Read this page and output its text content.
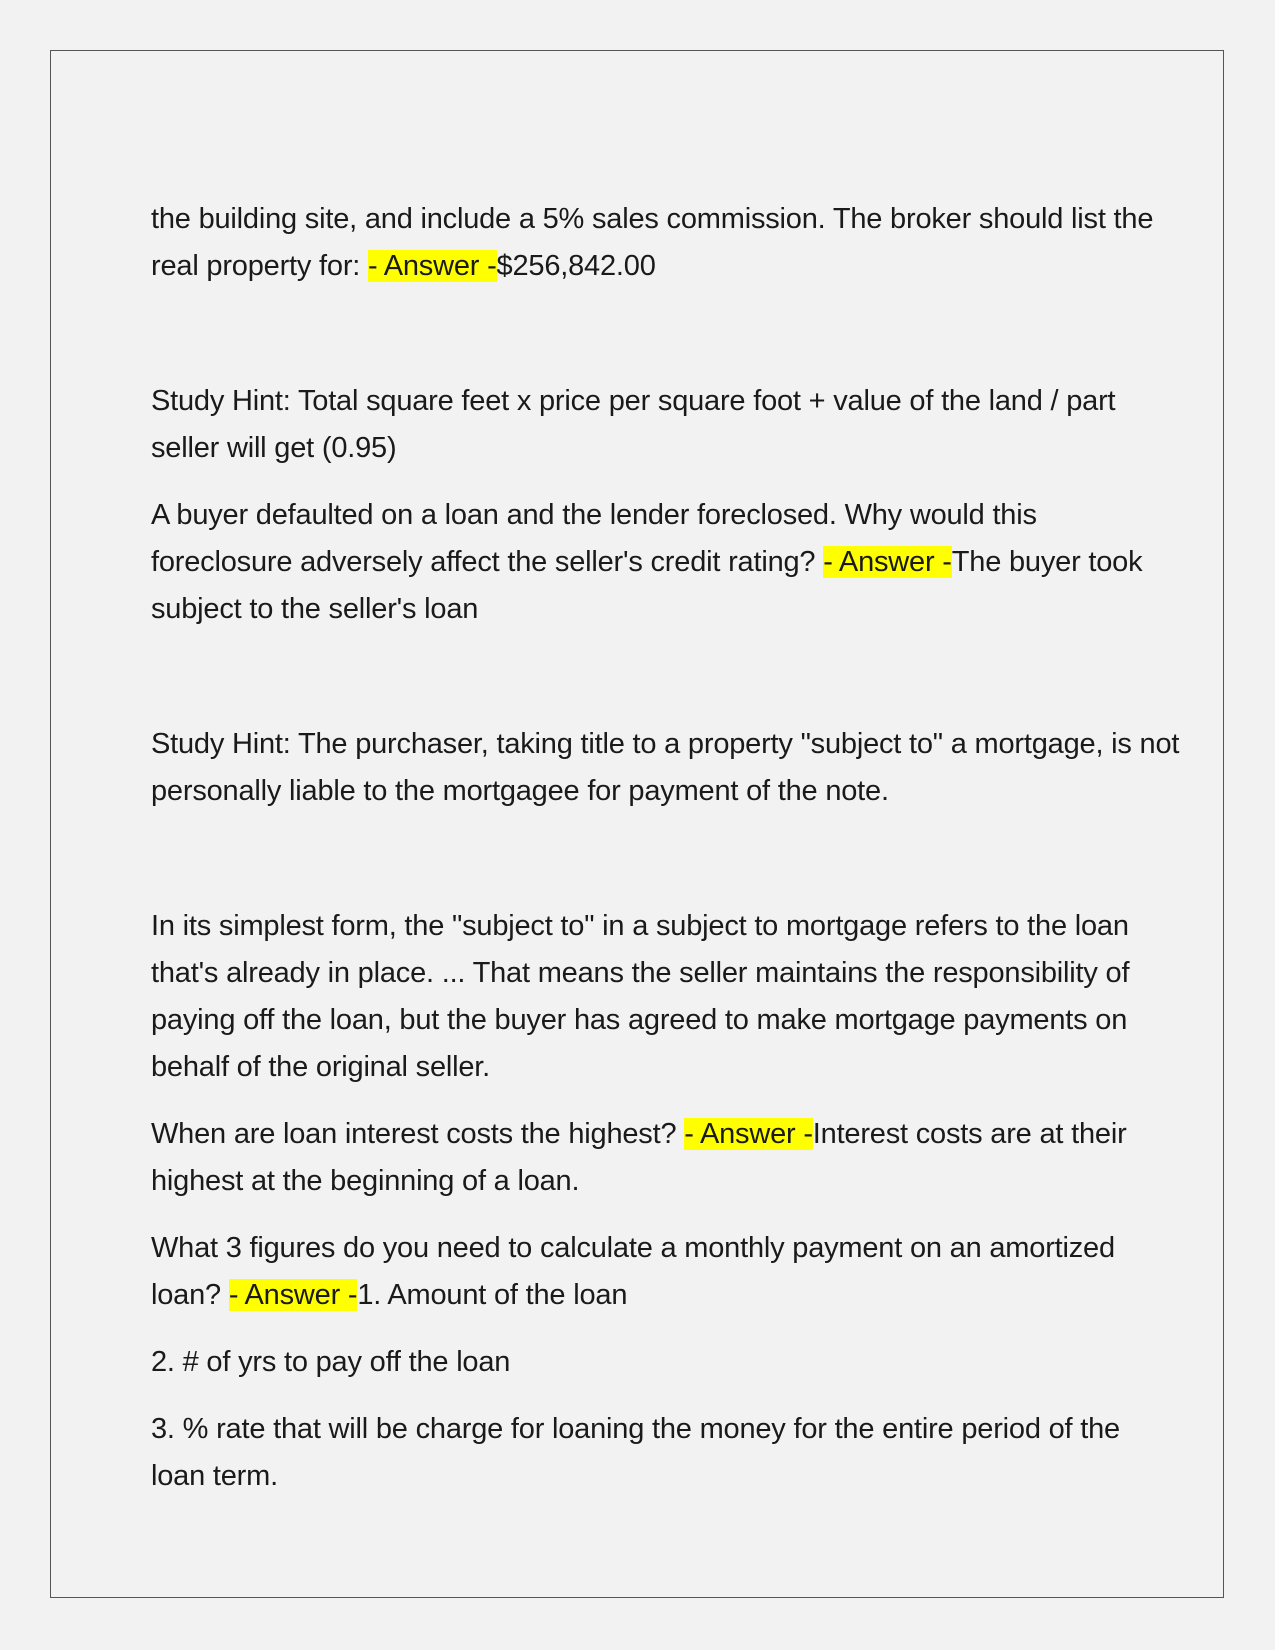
the building site, and include a 5% sales commission. The broker should list the real property for: - Answer -$256,842.00

Study Hint: Total square feet x price per square foot + value of the land / part seller will get (0.95)

A buyer defaulted on a loan and the lender foreclosed. Why would this foreclosure adversely affect the seller's credit rating? - Answer -The buyer took subject to the seller's loan

Study Hint: The purchaser, taking title to a property "subject to" a mortgage, is not personally liable to the mortgagee for payment of the note.

In its simplest form, the "subject to" in a subject to mortgage refers to the loan that's already in place. ... That means the seller maintains the responsibility of paying off the loan, but the buyer has agreed to make mortgage payments on behalf of the original seller.

When are loan interest costs the highest? - Answer -Interest costs are at their highest at the beginning of a loan.

What 3 figures do you need to calculate a monthly payment on an amortized loan? - Answer -1. Amount of the loan

2. # of yrs to pay off the loan

3. % rate that will be charge for loaning the money for the entire period of the loan term.
